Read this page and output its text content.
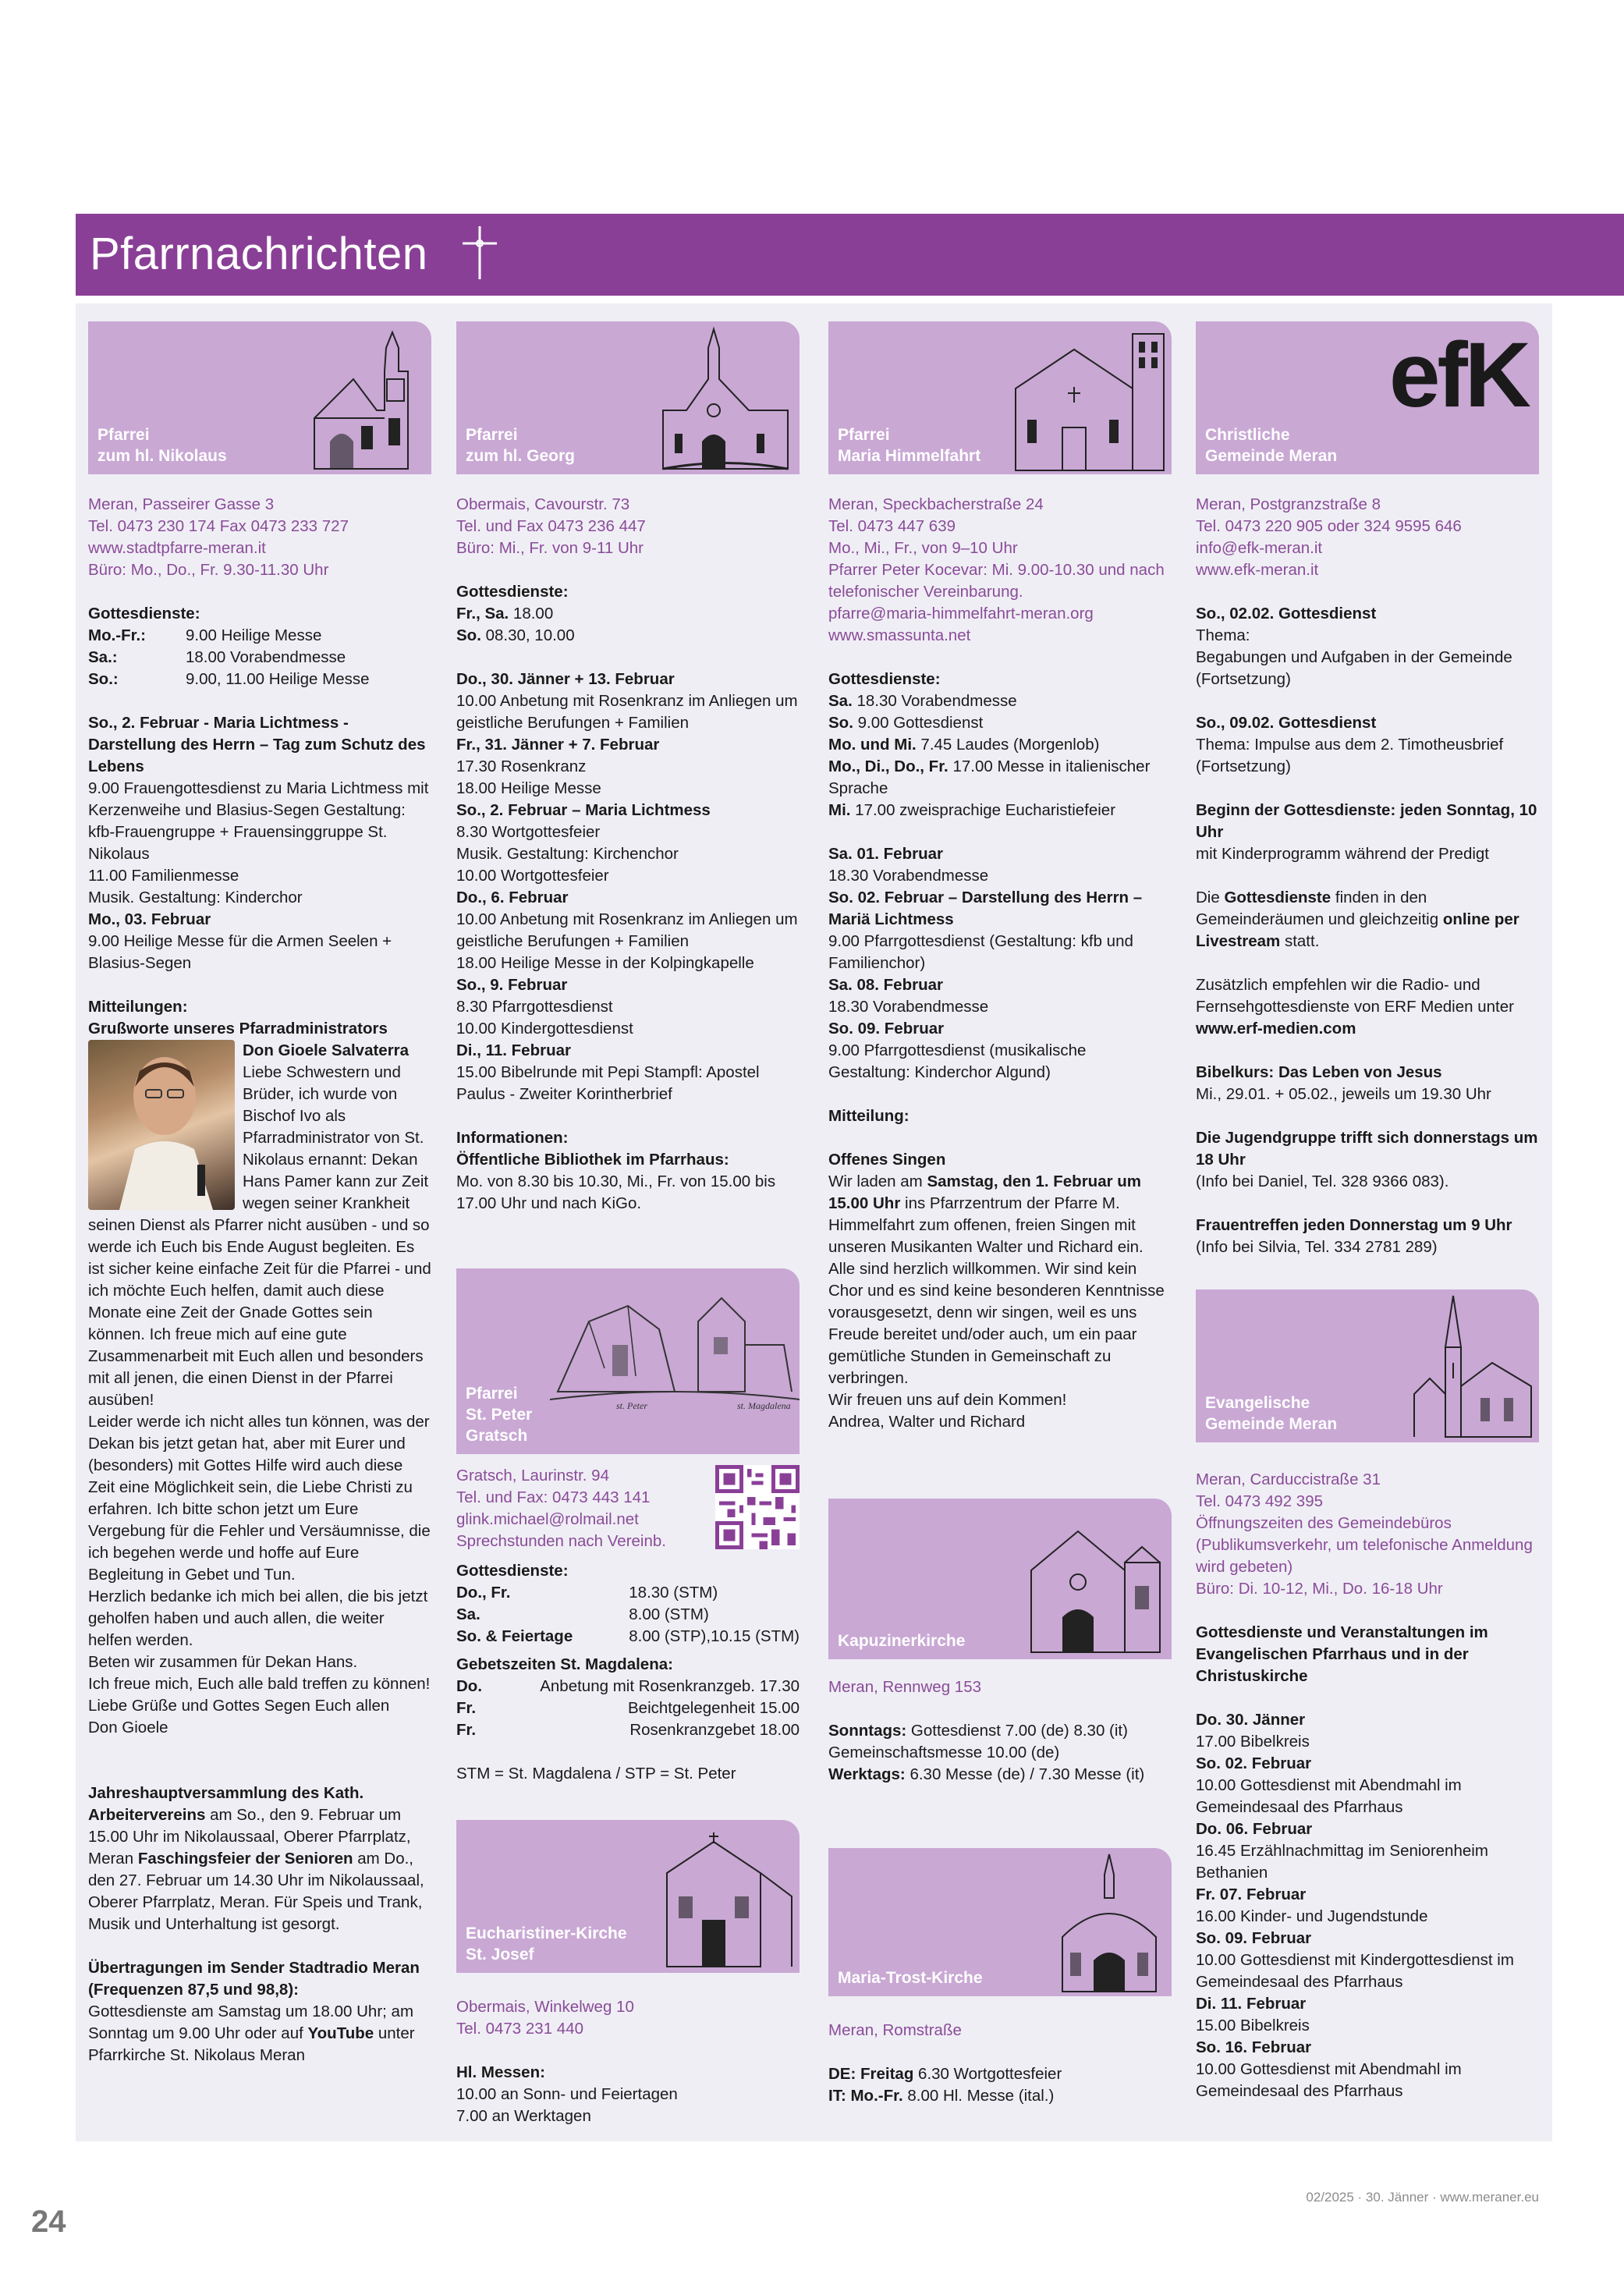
Pfarrnachrichten
Pfarrei
zum hl. Nikolaus

Meran, Passeirer Gasse 3

Tel. 0473 230 174 Fax 0473 233 727

www.stadtpfarre-meran.it

Büro: Mo., Do., Fr. 9.30-11.30 Uhr

Gottesdienste:

Mo.-Fr.:	9.00 Heilige Messe
Sa.:	18.00 Vorabendmesse
So.:	9.00, 11.00 Heilige Messe

So., 2. Februar - Maria Lichtmess - Darstellung des Herrn – Tag zum Schutz des Lebens

9.00 Frauengottesdienst zu Maria Lichtmess mit Kerzenweihe und Blasius-Segen Gestaltung: kfb-Frauengruppe + Frauensinggruppe St. Nikolaus

11.00 Familienmesse

Musik. Gestaltung: Kinderchor

Mo., 03. Februar

9.00 Heilige Messe für die Armen Seelen + Blasius-Segen

Mitteilungen:

Grußworte unseres Pfarradministrators

Don Gioele Salvaterra

Liebe Schwestern und Brüder, ich wurde von Bischof Ivo als Pfarradministrator von St. Nikolaus ernannt: Dekan Hans Pamer kann zur Zeit wegen seiner Krankheit seinen Dienst als Pfarrer nicht ausüben - und so werde ich Euch bis Ende August begleiten. Es ist sicher keine einfache Zeit für die Pfarrei - und ich möchte Euch helfen, damit auch diese Monate eine Zeit der Gnade Gottes sein können. Ich freue mich auf eine gute Zusammenarbeit mit Euch allen und besonders mit all jenen, die einen Dienst in der Pfarrei ausüben!

Leider werde ich nicht alles tun können, was der Dekan bis jetzt getan hat, aber mit Eurer und (besonders) mit Gottes Hilfe wird auch diese Zeit eine Möglichkeit sein, die Liebe Christi zu erfahren. Ich bitte schon jetzt um Eure Vergebung für die Fehler und Versäumnisse, die ich begehen werde und hoffe auf Eure Begleitung in Gebet und Tun.

Herzlich bedanke ich mich bei allen, die bis jetzt geholfen haben und auch allen, die weiter helfen werden.

Beten wir zusammen für Dekan Hans.

Ich freue mich, Euch alle bald treffen zu können!

Liebe Grüße und Gottes Segen Euch allen

Don Gioele

Jahreshauptversammlung des Kath. Arbeitervereins am So., den 9. Februar um 15.00 Uhr im Nikolaussaal, Oberer Pfarrplatz, Meran Faschingsfeier der Senioren am Do., den 27. Februar um 14.30 Uhr im Nikolaussaal, Oberer Pfarrplatz, Meran. Für Speis und Trank, Musik und Unterhaltung ist gesorgt.

Übertragungen im Sender Stadtradio Meran (Frequenzen 87,5 und 98,8):

Gottesdienste am Samstag um 18.00 Uhr; am Sonntag um 9.00 Uhr oder auf YouTube unter Pfarrkirche St. Nikolaus Meran

Pfarrei
zum hl. Georg

Obermais, Cavourstr. 73

Tel. und Fax 0473 236 447

Büro: Mi., Fr. von 9-11 Uhr

Gottesdienste:

Fr., Sa. 18.00

So. 08.30, 10.00

Do., 30. Jänner + 13. Februar

10.00 Anbetung mit Rosenkranz im Anliegen um geistliche Berufungen + Familien

Fr., 31. Jänner + 7. Februar

17.30 Rosenkranz

18.00 Heilige Messe

So., 2. Februar – Maria Lichtmess

8.30 Wortgottesfeier

Musik. Gestaltung: Kirchenchor

10.00 Wortgottesfeier

Do., 6. Februar

10.00 Anbetung mit Rosenkranz im Anliegen um geistliche Berufungen + Familien

18.00 Heilige Messe in der Kolpingkapelle

So., 9. Februar

8.30 Pfarrgottesdienst

10.00 Kindergottesdienst

Di., 11. Februar

15.00 Bibelrunde mit Pepi Stampfl: Apostel Paulus - Zweiter Korintherbrief

Informationen:

Öffentliche Bibliothek im Pfarrhaus:

Mo. von 8.30 bis 10.30, Mi., Fr. von 15.00 bis 17.00 Uhr und nach KiGo.

st. Peter	st. Magdalena
Pfarrei
St. Peter
Gratsch

Gratsch, Laurinstr. 94

Tel. und Fax: 0473 443 141

glink.michael@rolmail.net

Sprechstunden nach Vereinb.

Gottesdienste:

Do., Fr.	18.30 (STM)
Sa.	8.00 (STM)
So. & Feiertage	8.00 (STP),10.15 (STM)

Gebetszeiten St. Magdalena:

Do.	Anbetung mit Rosenkranzgeb. 17.30
Fr.	Beichtgelegenheit 15.00
Fr.	Rosenkranzgebet 18.00

STM = St. Magdalena / STP = St. Peter

Eucharistiner-Kirche
St. Josef

Obermais, Winkelweg 10

Tel. 0473 231 440

Hl. Messen:

10.00 an Sonn- und Feiertagen

7.00 an Werktagen

Pfarrei
Maria Himmelfahrt

Meran, Speckbacherstraße 24

Tel. 0473 447 639

Mo., Mi., Fr., von 9–10 Uhr

Pfarrer Peter Kocevar: Mi. 9.00-10.30 und nach telefonischer Vereinbarung.

pfarre@maria-himmelfahrt-meran.org

www.smassunta.net

Gottesdienste:

Sa. 18.30 Vorabendmesse

So. 9.00 Gottesdienst

Mo. und Mi. 7.45 Laudes (Morgenlob)

Mo., Di., Do., Fr. 17.00 Messe in italienischer Sprache

Mi. 17.00 zweisprachige Eucharistiefeier

Sa. 01. Februar

18.30 Vorabendmesse

So. 02. Februar – Darstellung des Herrn – Mariä Lichtmess

9.00 Pfarrgottesdienst (Gestaltung: kfb und Familienchor)

Sa. 08. Februar

18.30 Vorabendmesse

So. 09. Februar

9.00 Pfarrgottesdienst (musikalische Gestaltung: Kinderchor Algund)

Mitteilung:

Offenes Singen

Wir laden am Samstag, den 1. Februar um 15.00 Uhr ins Pfarrzentrum der Pfarre M. Himmelfahrt zum offenen, freien Singen mit unseren Musikanten Walter und Richard ein. Alle sind herzlich willkommen. Wir sind kein Chor und es sind keine besonderen Kenntnisse vorausgesetzt, denn wir singen, weil es uns Freude bereitet und/oder auch, um ein paar gemütliche Stunden in Gemeinschaft zu verbringen.

Wir freuen uns auf dein Kommen!

Andrea, Walter und Richard

Kapuzinerkirche

Meran, Rennweg 153

Sonntags: Gottesdienst 7.00 (de) 8.30 (it) Gemeinschaftsmesse 10.00 (de)

Werktags: 6.30 Messe (de) / 7.30 Messe (it)

Maria-Trost-Kirche

Meran, Romstraße

DE: Freitag 6.30 Wortgottesfeier

IT: Mo.-Fr. 8.00 Hl. Messe (ital.)

efK
Christliche
Gemeinde Meran

Meran, Postgranzstraße 8

Tel. 0473 220 905 oder 324 9595 646

info@efk-meran.it

www.efk-meran.it

So., 02.02. Gottesdienst

Thema:

Begabungen und Aufgaben in der Gemeinde (Fortsetzung)

So., 09.02. Gottesdienst

Thema: Impulse aus dem 2. Timotheusbrief (Fortsetzung)

Beginn der Gottesdienste: jeden Sonntag, 10 Uhr

mit Kinderprogramm während der Predigt

Die Gottesdienste finden in den Gemeinderäumen und gleichzeitig online per Livestream statt.

Zusätzlich empfehlen wir die Radio- und Fernsehgottesdienste von ERF Medien unter www.erf-medien.com

Bibelkurs: Das Leben von Jesus

Mi., 29.01. + 05.02., jeweils um 19.30 Uhr

Die Jugendgruppe trifft sich donnerstags um 18 Uhr

(Info bei Daniel, Tel. 328 9366 083).

Frauentreffen jeden Donnerstag um 9 Uhr

(Info bei Silvia, Tel. 334 2781 289)

Evangelische
Gemeinde Meran

Meran, Carduccistraße 31

Tel. 0473 492 395

Öffnungszeiten des Gemeindebüros (Publikumsverkehr, um telefonische Anmeldung wird gebeten)

Büro: Di. 10-12, Mi., Do. 16-18 Uhr

Gottesdienste und Veranstaltungen im Evangelischen Pfarrhaus und in der Christuskirche

Do. 30. Jänner

17.00 Bibelkreis

So. 02. Februar

10.00 Gottesdienst mit Abendmahl im Gemeindesaal des Pfarrhaus

Do. 06. Februar

16.45 Erzählnachmittag im Seniorenheim Bethanien

Fr. 07. Februar

16.00 Kinder- und Jugendstunde

So. 09. Februar

10.00 Gottesdienst mit Kindergottesdienst im Gemeindesaal des Pfarrhaus

Di. 11. Februar

15.00 Bibelkreis

So. 16. Februar

10.00 Gottesdienst mit Abendmahl im Gemeindesaal des Pfarrhaus

02/2025 · 30. Jänner · www.meraner.eu
24
